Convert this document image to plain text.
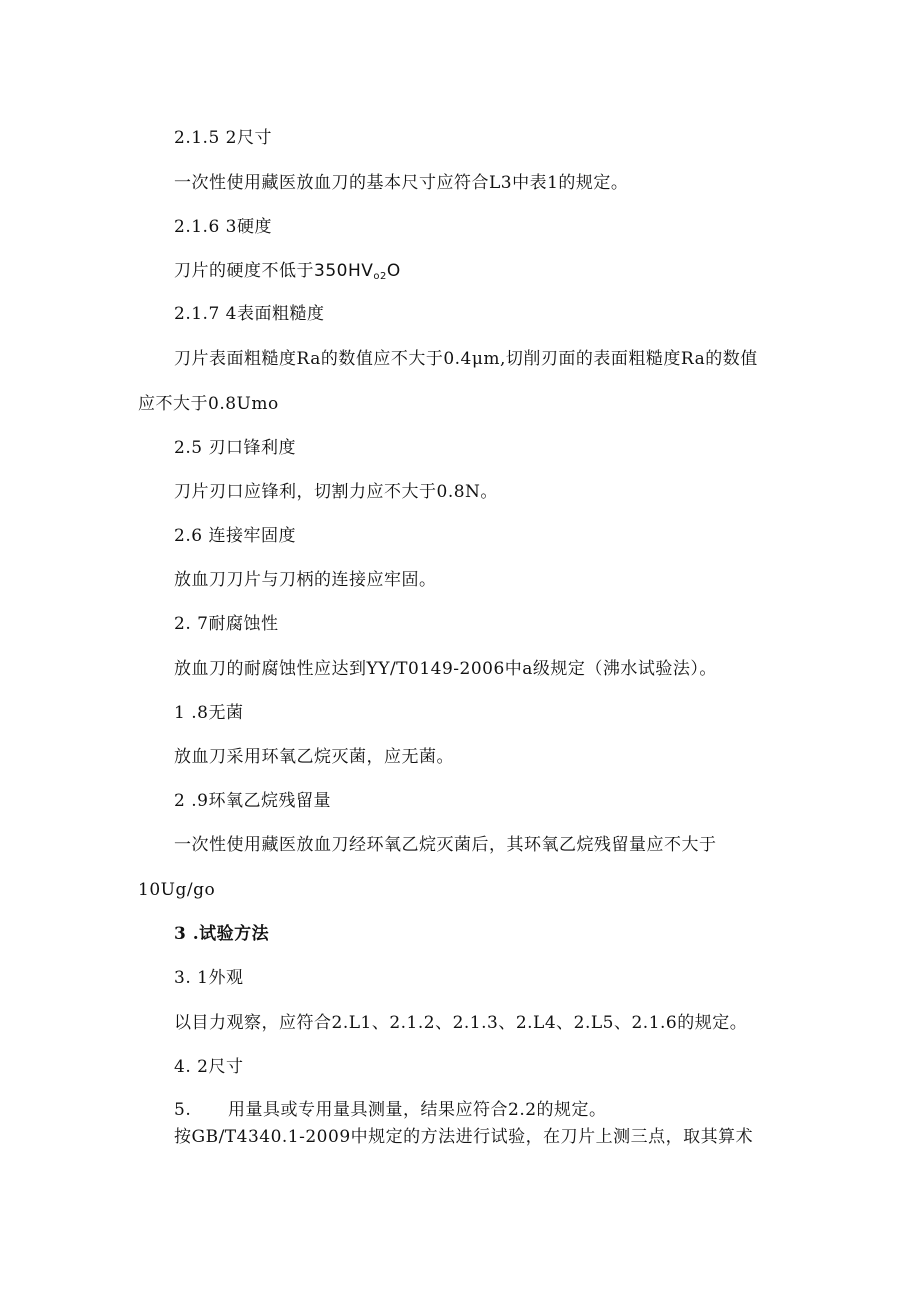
2.1.5 2尺寸
一次性使用藏医放血刀的基本尺寸应符合L3中表1的规定。
2.1.6 3硬度
刀片的硬度不低于$350HV_{o2}O$
2.1.7 4表面粗糙度
刀片表面粗糙度Ra的数值应不大于0.4μm,切削刃面的表面粗糙度Ra的数值
应不大于0.8Umo
2.5 刃口锋利度
刀片刃口应锋利，切割力应不大于0.8N。
2.6 连接牢固度
放血刀刀片与刀柄的连接应牢固。
2. 7耐腐蚀性
放血刀的耐腐蚀性应达到YY/T0149-2006中a级规定（沸水试验法）。
1 .8无菌
放血刀采用环氧乙烷灭菌，应无菌。
2 .9环氧乙烷残留量
一次性使用藏医放血刀经环氧乙烷灭菌后，其环氧乙烷残留量应不大于
10Ug/go
3 .试验方法
3. 1外观
以目力观察，应符合2.L1、2.1.2、2.1.3、2.L4、2.L5、2.1.6的规定。
4. 2尺寸
5. 用量具或专用量具测量，结果应符合2.2的规定。
按GB/T4340.1-2009中规定的方法进行试验，在刀片上测三点，取其算术
